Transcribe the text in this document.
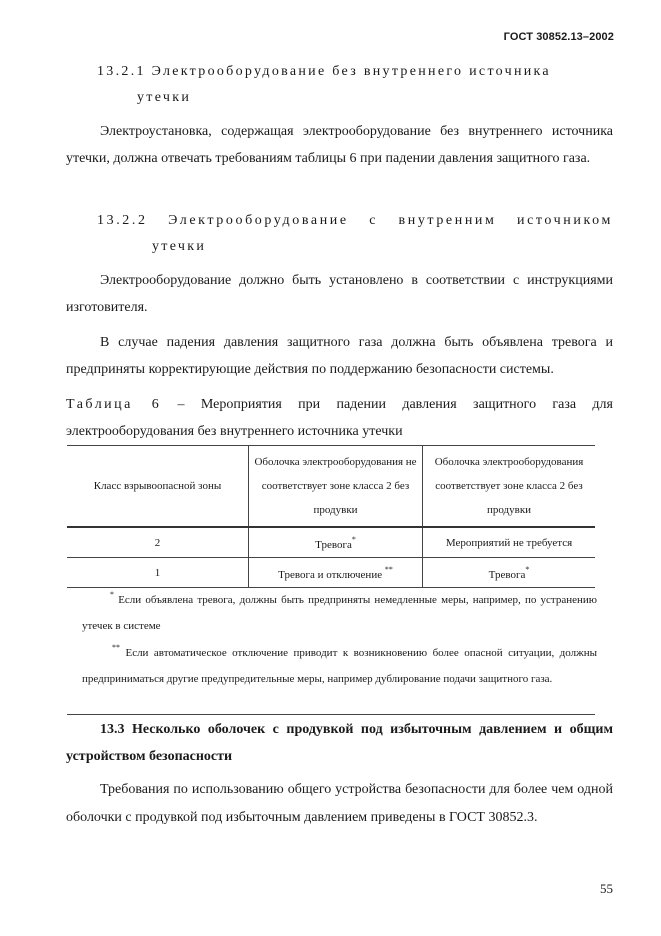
ГОСТ 30852.13–2002
13.2.1 Электрооборудование без внутреннего источника
утечки

Электроустановка, содержащая электрооборудование без внутреннего источника утечки, должна отвечать требованиям таблицы 6 при падении давления защитного газа.

13.2.2 Электрооборудование с внутренним источником
утечки

Электрооборудование должно быть установлено в соответствии с инструкциями изготовителя.

В случае падения давления защитного газа должна быть объявлена тревога и предприняты корректирующие действия по поддержанию безопасности системы.

Таблица 6 – Мероприятия при падении давления защитного газа для электрооборудования без внутреннего источника утечки

Класс взрывоопасной зоны	Оболочка электрооборудования не соответствует зоне класса 2 без продувки	Оболочка электрооборудования соответствует зоне класса 2 без продувки
2	Тревога*	Мероприятий не требуется
1	Тревога и отключение **	Тревога*
* Если объявлена тревога, должны быть предприняты немедленные меры, например, по устранению утечек в системе
** Если автоматическое отключение приводит к возникновению более опасной ситуации, должны предприниматься другие предупредительные меры, например дублирование подачи защитного газа.

13.3 Несколько оболочек с продувкой под избыточным давлением и общим устройством безопасности

Требования по использованию общего устройства безопасности для более чем одной оболочки с продувкой под избыточным давлением приведены в ГОСТ 30852.3.

55
